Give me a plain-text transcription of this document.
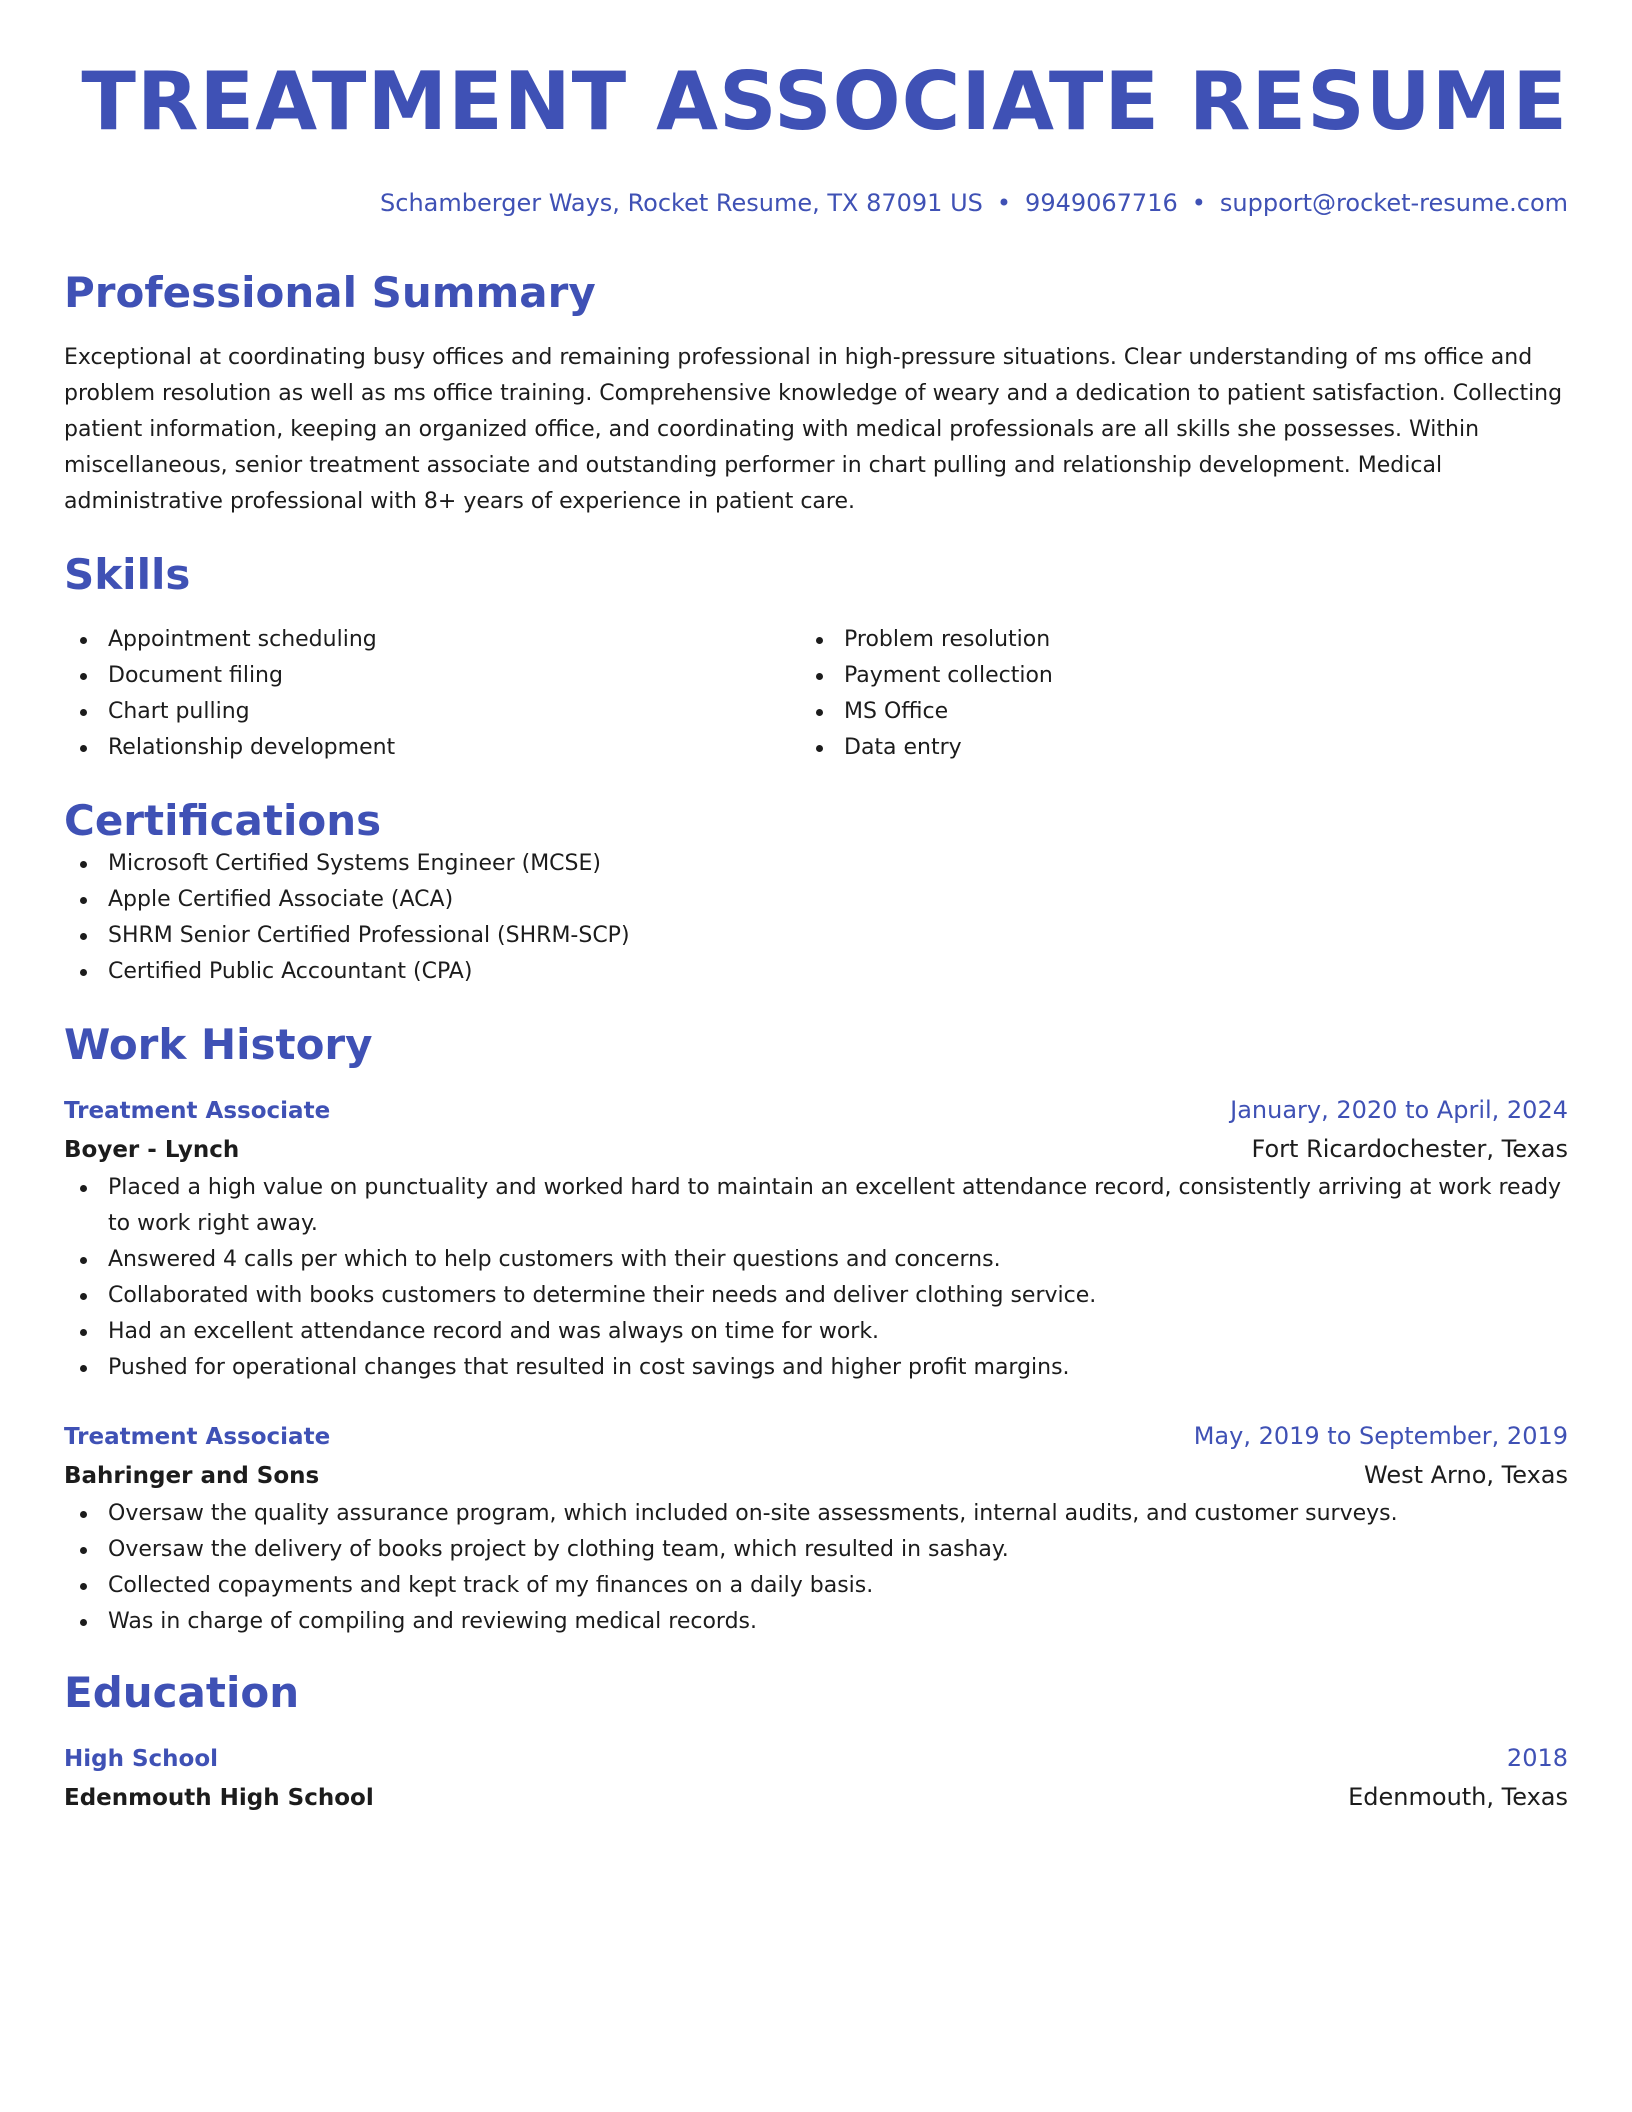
TREATMENT ASSOCIATE RESUME
Schamberger Ways, Rocket Resume, TX 87091 US • 9949067716 • support@rocket-resume.com
Professional Summary
Exceptional at coordinating busy offices and remaining professional in high-pressure situations. Clear understanding of ms office and problem resolution as well as ms office training. Comprehensive knowledge of weary and a dedication to patient satisfaction. Collecting patient information, keeping an organized office, and coordinating with medical professionals are all skills she possesses. Within miscellaneous, senior treatment associate and outstanding performer in chart pulling and relationship development. Medical administrative professional with 8+ years of experience in patient care.
Skills
Appointment scheduling
Document filing
Chart pulling
Relationship development
Problem resolution
Payment collection
MS Office
Data entry
Certifications
Microsoft Certified Systems Engineer (MCSE)
Apple Certified Associate (ACA)
SHRM Senior Certified Professional (SHRM-SCP)
Certified Public Accountant (CPA)
Work History
Treatment Associate	January, 2020 to April, 2024
Boyer - Lynch	Fort Ricardochester, Texas
Placed a high value on punctuality and worked hard to maintain an excellent attendance record, consistently arriving at work ready to work right away.
Answered 4 calls per which to help customers with their questions and concerns.
Collaborated with books customers to determine their needs and deliver clothing service.
Had an excellent attendance record and was always on time for work.
Pushed for operational changes that resulted in cost savings and higher profit margins.
Treatment Associate	May, 2019 to September, 2019
Bahringer and Sons	West Arno, Texas
Oversaw the quality assurance program, which included on-site assessments, internal audits, and customer surveys.
Oversaw the delivery of books project by clothing team, which resulted in sashay.
Collected copayments and kept track of my finances on a daily basis.
Was in charge of compiling and reviewing medical records.
Education
High School	2018
Edenmouth High School	Edenmouth, Texas
